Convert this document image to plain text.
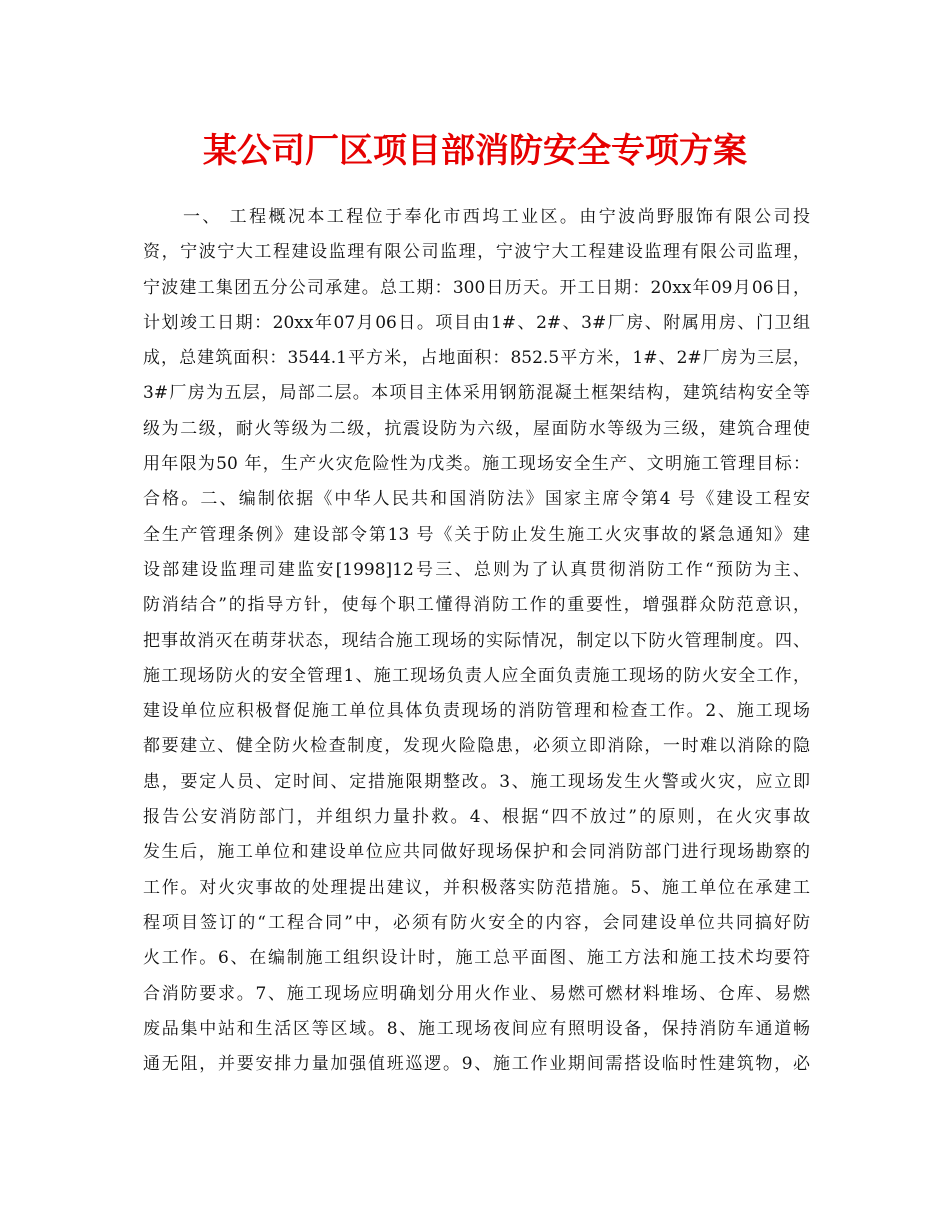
某公司厂区项目部消防安全专项方案
一、 工程概况本工程位于奉化市西坞工业区。由宁波尚野服饰有限公司投
资，宁波宁大工程建设监理有限公司监理，宁波宁大工程建设监理有限公司监理，
宁波建工集团五分公司承建。总工期：300日历天。开工日期：20xx年09月06日，
计划竣工日期：20xx年07月06日。项目由1#、2#、3#厂房、附属用房、门卫组
成，总建筑面积：3544.1平方米，占地面积：852.5平方米，1#、2#厂房为三层，
3#厂房为五层，局部二层。本项目主体采用钢筋混凝土框架结构，建筑结构安全等
级为二级，耐火等级为二级，抗震设防为六级，屋面防水等级为三级，建筑合理使
用年限为50 年，生产火灾危险性为戊类。施工现场安全生产、文明施工管理目标：
合格。二、编制依据《中华人民共和国消防法》国家主席令第4 号《建设工程安
全生产管理条例》建设部令第13 号《关于防止发生施工火灾事故的紧急通知》建
设部建设监理司建监安[1998]12号三、总则为了认真贯彻消防工作“预防为主、
防消结合”的指导方针，使每个职工懂得消防工作的重要性，增强群众防范意识，
把事故消灭在萌芽状态，现结合施工现场的实际情况，制定以下防火管理制度。四、
施工现场防火的安全管理1、施工现场负责人应全面负责施工现场的防火安全工作，
建设单位应积极督促施工单位具体负责现场的消防管理和检查工作。2、施工现场
都要建立、健全防火检查制度，发现火险隐患，必须立即消除，一时难以消除的隐
患，要定人员、定时间、定措施限期整改。3、施工现场发生火警或火灾，应立即
报告公安消防部门，并组织力量扑救。4、根据“四不放过”的原则，在火灾事故
发生后，施工单位和建设单位应共同做好现场保护和会同消防部门进行现场勘察的
工作。对火灾事故的处理提出建议，并积极落实防范措施。5、施工单位在承建工
程项目签订的“工程合同”中，必须有防火安全的内容，会同建设单位共同搞好防
火工作。6、在编制施工组织设计时，施工总平面图、施工方法和施工技术均要符
合消防要求。7、施工现场应明确划分用火作业、易燃可燃材料堆场、仓库、易燃
废品集中站和生活区等区域。8、施工现场夜间应有照明设备，保持消防车通道畅
通无阻，并要安排力量加强值班巡逻。9、施工作业期间需搭设临时性建筑物，必
